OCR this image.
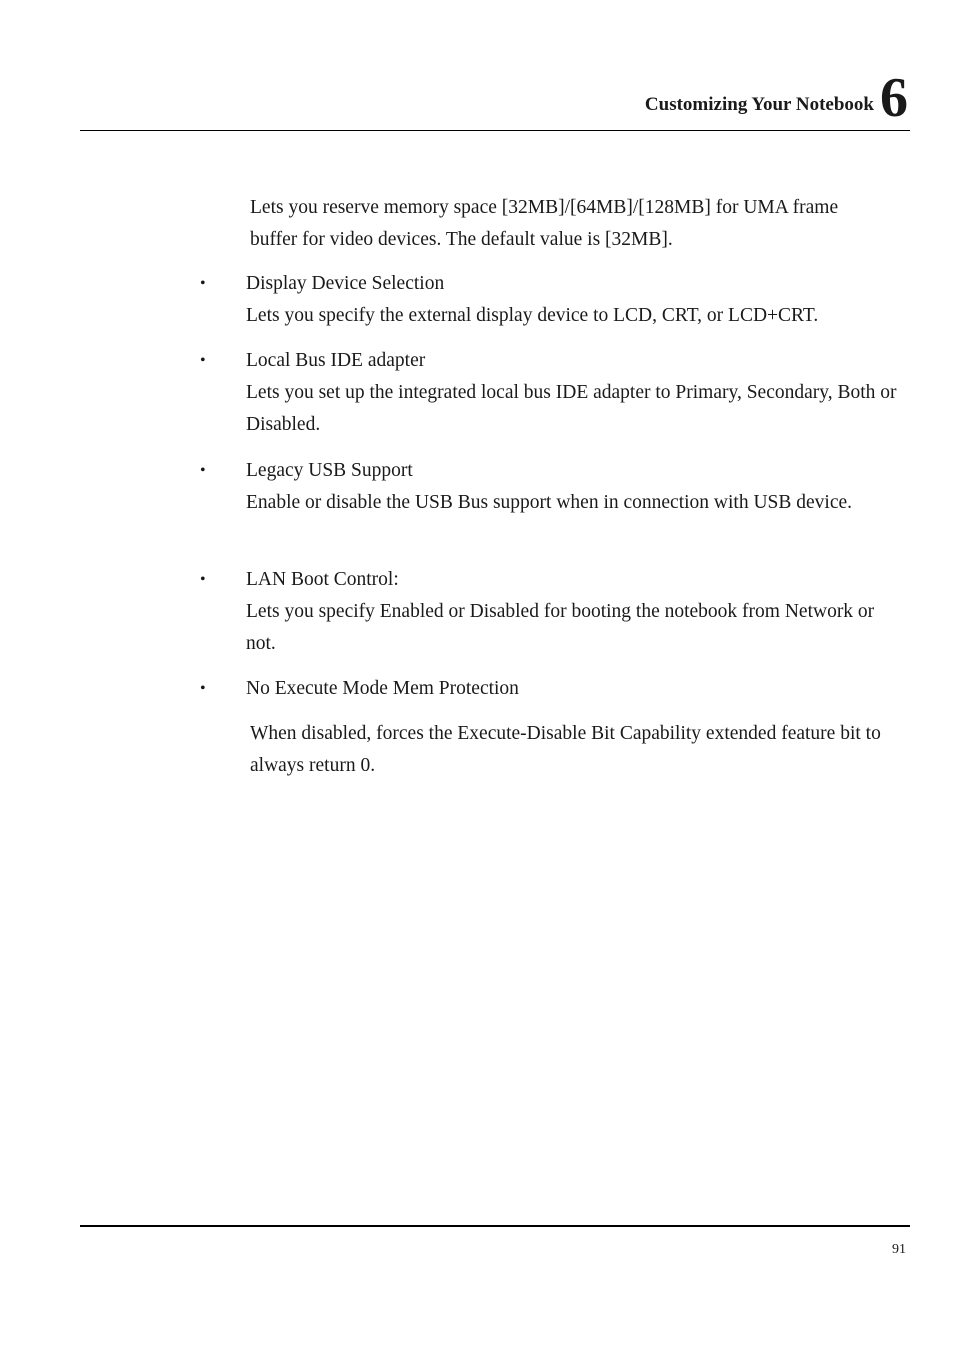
Customizing Your Notebook 6
Lets you reserve memory space [32MB]/[64MB]/[128MB] for UMA frame buffer for video devices. The default value is [32MB].
•	Display Device Selection
Lets you specify the external display device to LCD, CRT, or LCD+CRT.
•	Local Bus IDE adapter
Lets you set up the integrated local bus IDE adapter to Primary, Secondary, Both or Disabled.
•	Legacy USB Support
Enable or disable the USB Bus support when in connection with USB device.
•	LAN Boot Control:
Lets you specify Enabled or Disabled for booting the notebook from Network or not.
•	No Execute Mode Mem Protection
When disabled, forces the Execute-Disable Bit Capability extended feature bit to always return 0.
91
